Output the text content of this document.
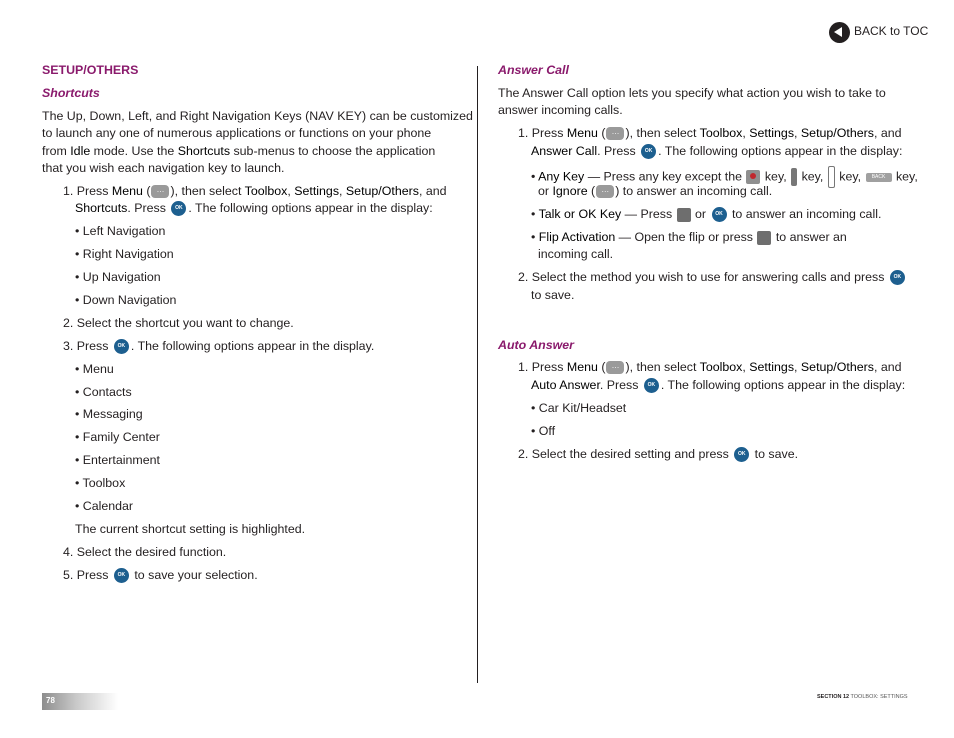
BACK to TOC
SETUP/OTHERS
Shortcuts
The Up, Down, Left, and Right Navigation Keys (NAV KEY) can be customized
to launch any one of numerous applications or functions on your phone
from Idle mode. Use the Shortcuts sub-menus to choose the application
that you wish each navigation key to launch.
1. Press Menu ( … ), then select Toolbox, Settings, Setup/Others, and
Shortcuts. Press OK . The following options appear in the display:
• Left Navigation
• Right Navigation
• Up Navigation
• Down Navigation
2. Select the shortcut you want to change.
3. Press OK . The following options appear in the display.
• Menu
• Contacts
• Messaging
• Family Center
• Entertainment
• Toolbox
• Calendar
The current shortcut setting is highlighted.
4. Select the desired function.
5. Press OK to save your selection.
Answer Call
The Answer Call option lets you specify what action you wish to take to
answer incoming calls.
1. Press Menu ( … ), then select Toolbox, Settings, Setup/Others, and
Answer Call. Press OK . The following options appear in the display:
• Any Key — Press any key except the  key,  key,  key, BACK key,
or Ignore ( … ) to answer an incoming call.
• Talk or OK Key — Press  or OK to answer an incoming call.
• Flip Activation — Open the flip or press  to answer an
incoming call.
2. Select the method you wish to use for answering calls and press OK
to save.
Auto Answer
1. Press Menu ( … ), then select Toolbox, Settings, Setup/Others, and
Auto Answer. Press OK . The following options appear in the display:
• Car Kit/Headset
• Off
2. Select the desired setting and press OK to save.
78	SECTION 12 TOOLBOX: SETTINGS
